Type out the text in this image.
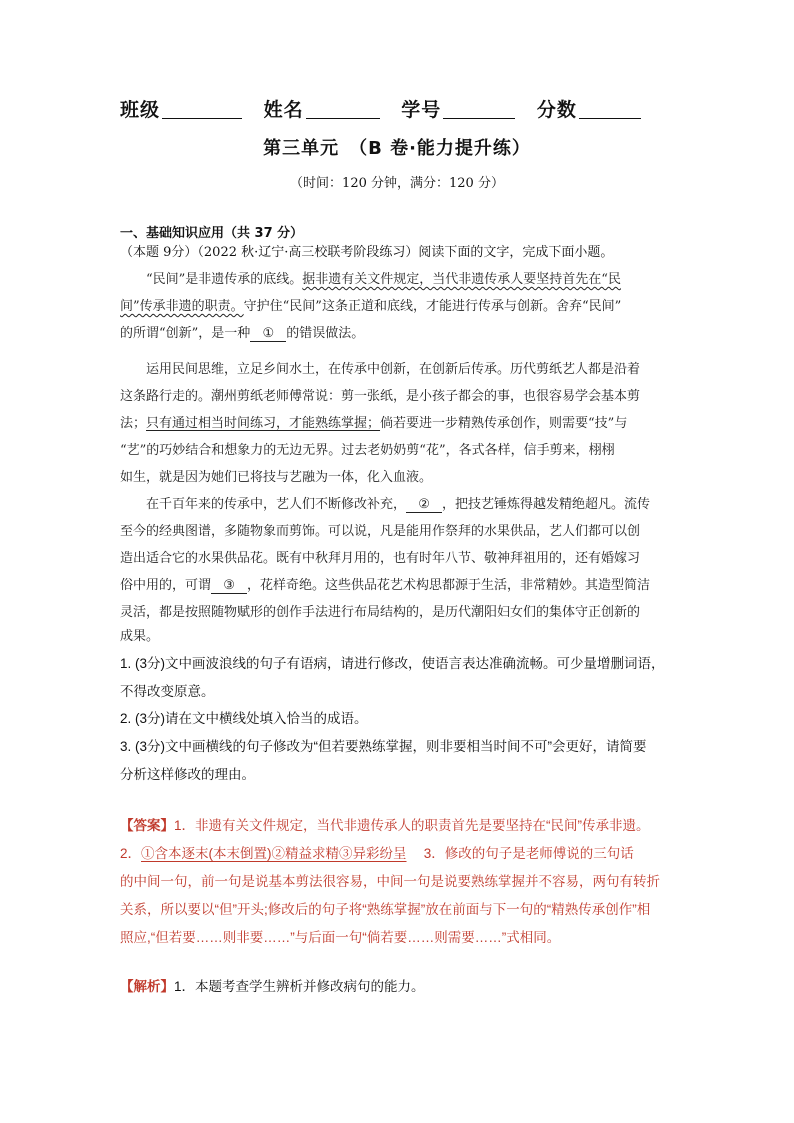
班级	姓名	学号	分数
第三单元　（B 卷·能力提升练）
（时间：120 分钟，满分：120 分）
一、基础知识应用（共 37 分）
（本题 9分）（2022 秋·辽宁·高三校联考阶段练习）阅读下面的文字，完成下面小题。
“民间”是非遗传承的底线。据非遗有关文件规定，当代非遗传承人要坚持首先在“民
间”传承非遗的职责。守护住“民间”这条正道和底线，才能进行传承与创新。舍弃“民间”
的所谓“创新”，是一种 ① 的错误做法。
运用民间思维，立足乡间水土，在传承中创新，在创新后传承。历代剪纸艺人都是沿着
这条路行走的。潮州剪纸老师傅常说：剪一张纸，是小孩子都会的事，也很容易学会基本剪
法；只有通过相当时间练习，才能熟练掌握；倘若要进一步精熟传承创作，则需要“技”与
“艺”的巧妙结合和想象力的无边无界。过去老奶奶剪“花”，各式各样，信手剪来，栩栩
如生，就是因为她们已将技与艺融为一体，化入血液。
在千百年来的传承中，艺人们不断修改补充， ② ，把技艺锤炼得越发精绝超凡。流传
至今的经典图谱，多随物象而剪饰。可以说，凡是能用作祭拜的水果供品，艺人们都可以创
造出适合它的水果供品花。既有中秋拜月用的，也有时年八节、敬神拜祖用的，还有婚嫁习
俗中用的，可谓 ③ ，花样奇绝。这些供品花艺术构思都源于生活，非常精妙。其造型简洁
灵活，都是按照随物赋形的创作手法进行布局结构的，是历代潮阳妇女们的集体守正创新的
成果。
1. (3分)文中画波浪线的句子有语病，请进行修改，使语言表达准确流畅。可少量增删词语，
不得改变原意。
2. (3分)请在文中横线处填入恰当的成语。
3. (3分)文中画横线的句子修改为“但若要熟练掌握，则非要相当时间不可”会更好，请简要
分析这样修改的理由。
【答案】1．非遗有关文件规定，当代非遗传承人的职责首先是要坚持在“民间”传承非遗。
2．①含本逐末(本末倒置)②精益求精③异彩纷呈　 3．修改的句子是老师傅说的三句话
的中间一句，前一句是说基本剪法很容易，中间一句是说要熟练掌握并不容易，两句有转折
关系，所以要以“但”开头;修改后的句子将“熟练掌握”放在前面与下一句的“精熟传承创作”相
照应,“但若要……则非要……”与后面一句“倘若要……则需要……”式相同。
【解析】1．本题考查学生辨析并修改病句的能力。
